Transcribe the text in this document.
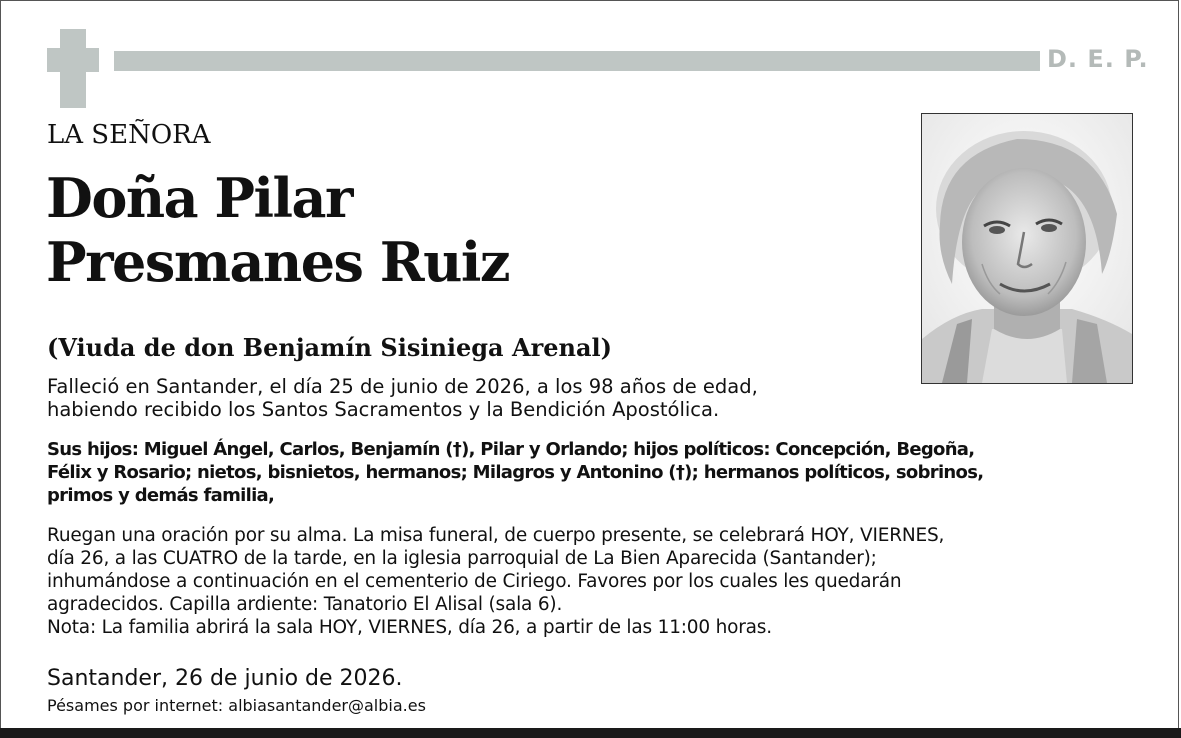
D. E. P.
LA SEÑORA
Doña Pilar
Presmanes Ruiz
(Viuda de don Benjamín Sisiniega Arenal)
Falleció en Santander, el día 25 de junio de 2026, a los 98 años de edad,
habiendo recibido los Santos Sacramentos y la Bendición Apostólica.
Sus hijos: Miguel Ángel, Carlos, Benjamín (†), Pilar y Orlando; hijos políticos: Concepción, Begoña,
Félix y Rosario; nietos, bisnietos, hermanos; Milagros y Antonino (†); hermanos políticos, sobrinos,
primos y demás familia,
Ruegan una oración por su alma. La misa funeral, de cuerpo presente, se celebrará HOY, VIERNES,
día 26, a las CUATRO de la tarde, en la iglesia parroquial de La Bien Aparecida (Santander);
inhumándose a continuación en el cementerio de Ciriego. Favores por los cuales les quedarán
agradecidos. Capilla ardiente: Tanatorio El Alisal (sala 6).
Nota: La familia abrirá la sala HOY, VIERNES, día 26, a partir de las 11:00 horas.
Santander, 26 de junio de 2026.
Pésames por internet: albiasantander@albia.es
